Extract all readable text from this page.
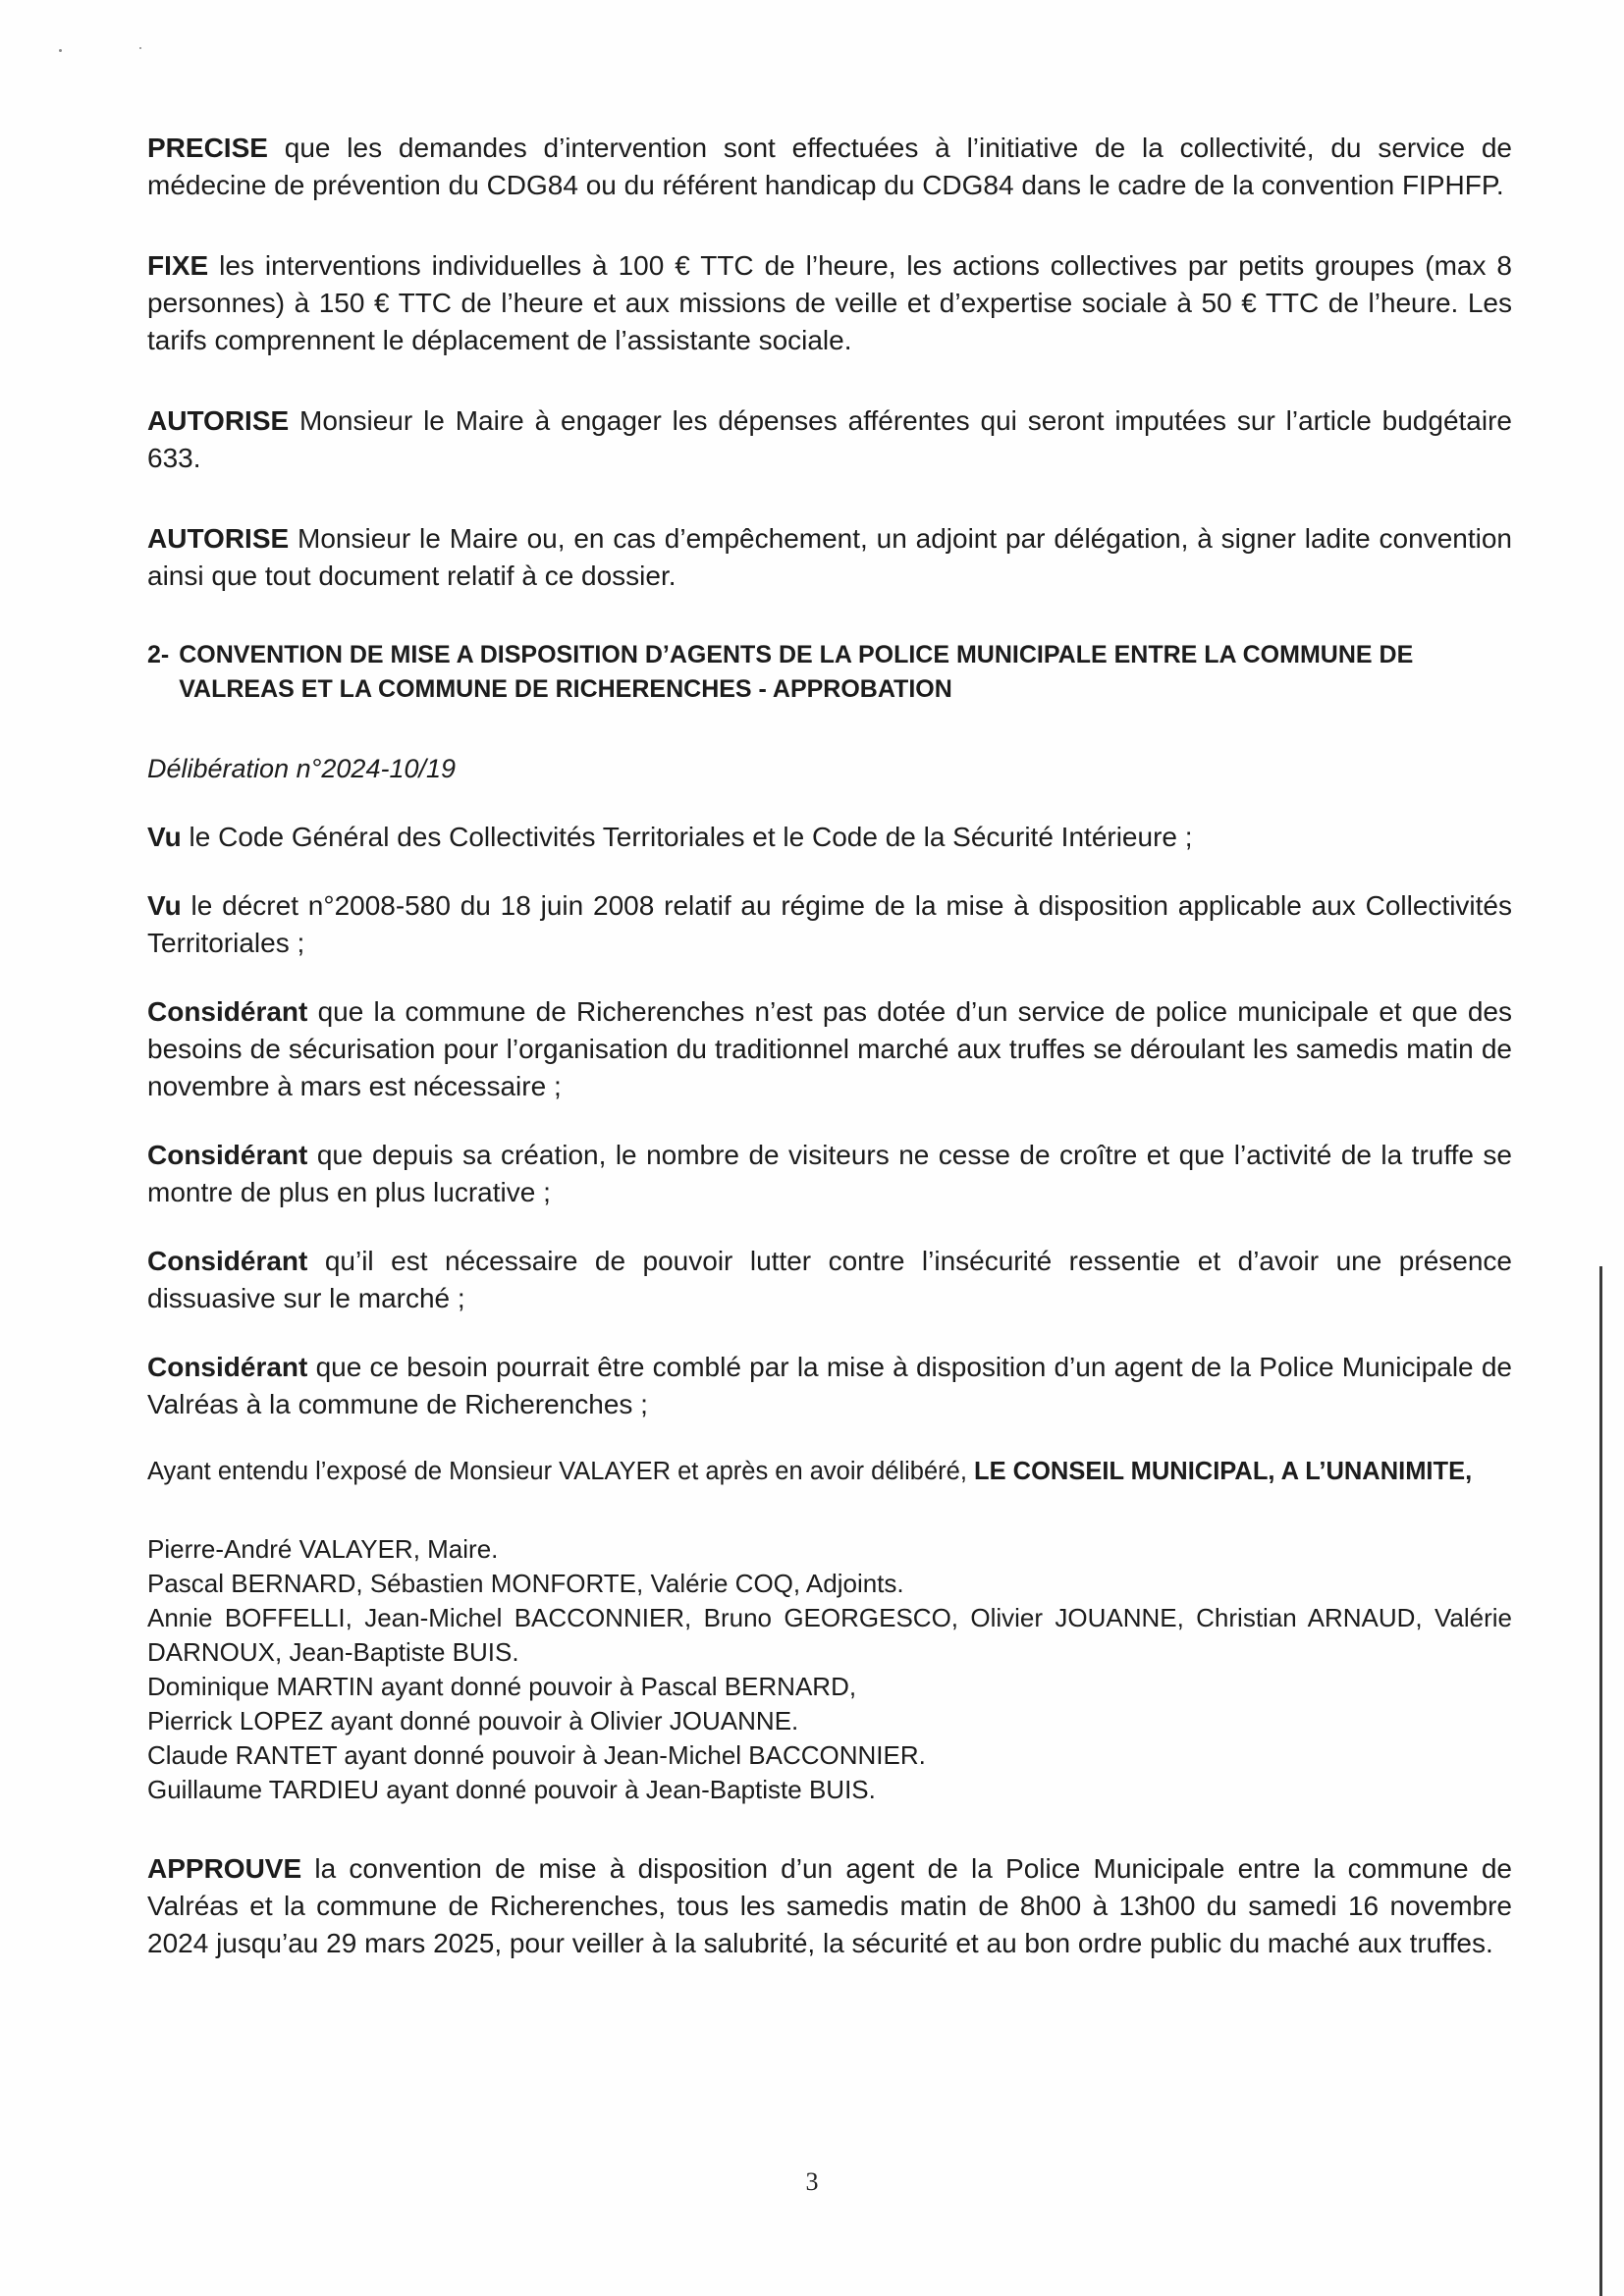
PRECISE que les demandes d’intervention sont effectuées à l’initiative de la collectivité, du service de médecine de prévention du CDG84 ou du référent handicap du CDG84 dans le cadre de la convention FIPHFP.

FIXE les interventions individuelles à 100 € TTC de l’heure, les actions collectives par petits groupes (max 8 personnes) à 150 € TTC de l’heure et aux missions de veille et d’expertise sociale à 50 € TTC de l’heure. Les tarifs comprennent le déplacement de l’assistante sociale.

AUTORISE Monsieur le Maire à engager les dépenses afférentes qui seront imputées sur l’article budgétaire 633.

AUTORISE Monsieur le Maire ou, en cas d’empêchement, un adjoint par délégation, à signer ladite convention ainsi que tout document relatif à ce dossier.

2- CONVENTION DE MISE A DISPOSITION D’AGENTS DE LA POLICE MUNICIPALE ENTRE LA COMMUNE DE VALREAS ET LA COMMUNE DE RICHERENCHES - APPROBATION

Délibération n°2024-10/19

Vu le Code Général des Collectivités Territoriales et le Code de la Sécurité Intérieure ;

Vu le décret n°2008-580 du 18 juin 2008 relatif au régime de la mise à disposition applicable aux Collectivités Territoriales ;

Considérant que la commune de Richerenches n’est pas dotée d’un service de police municipale et que des besoins de sécurisation pour l’organisation du traditionnel marché aux truffes se déroulant les samedis matin de novembre à mars est nécessaire ;

Considérant que depuis sa création, le nombre de visiteurs ne cesse de croître et que l’activité de la truffe se montre de plus en plus lucrative ;

Considérant qu’il est nécessaire de pouvoir lutter contre l’insécurité ressentie et d’avoir une présence dissuasive sur le marché ;

Considérant que ce besoin pourrait être comblé par la mise à disposition d’un agent de la Police Municipale de Valréas à la commune de Richerenches ;

Ayant entendu l’exposé de Monsieur VALAYER et après en avoir délibéré, LE CONSEIL MUNICIPAL, A L’UNANIMITE,

Pierre-André VALAYER, Maire.

Pascal BERNARD, Sébastien MONFORTE, Valérie COQ, Adjoints.

Annie BOFFELLI, Jean-Michel BACCONNIER, Bruno GEORGESCO, Olivier JOUANNE, Christian ARNAUD, Valérie DARNOUX, Jean-Baptiste BUIS.

Dominique MARTIN ayant donné pouvoir à Pascal BERNARD,

Pierrick LOPEZ ayant donné pouvoir à Olivier JOUANNE.

Claude RANTET ayant donné pouvoir à Jean-Michel BACCONNIER.

Guillaume TARDIEU ayant donné pouvoir à Jean-Baptiste BUIS.

APPROUVE la convention de mise à disposition d’un agent de la Police Municipale entre la commune de Valréas et la commune de Richerenches, tous les samedis matin de 8h00 à 13h00 du samedi 16 novembre 2024 jusqu’au 29 mars 2025, pour veiller à la salubrité, la sécurité et au bon ordre public du maché aux truffes.

3
